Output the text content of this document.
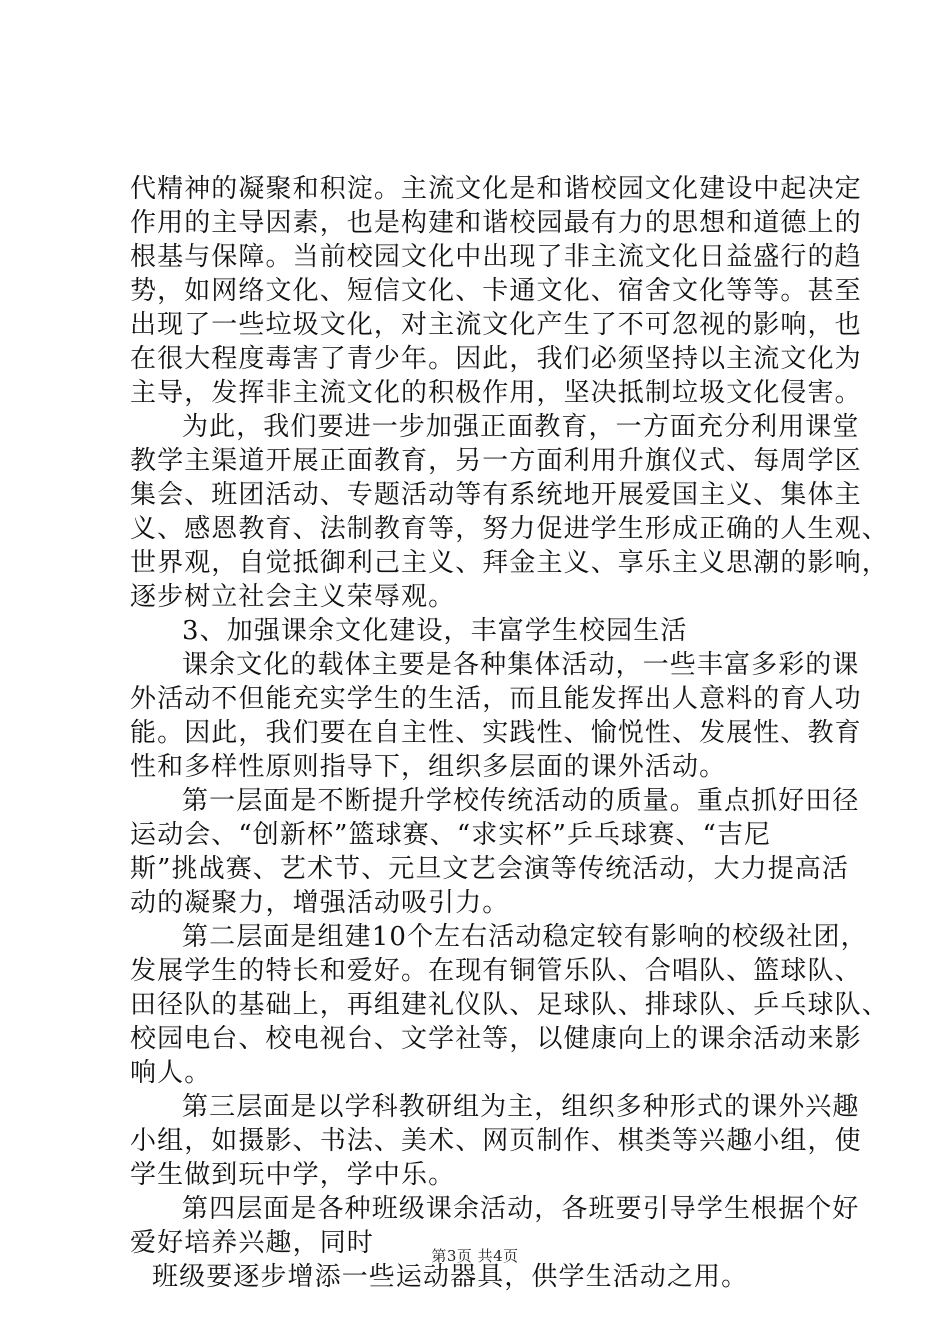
代精神的凝聚和积淀。主流文化是和谐校园文化建设中起决定
作用的主导因素，也是构建和谐校园最有力的思想和道德上的
根基与保障。当前校园文化中出现了非主流文化日益盛行的趋
势，如网络文化、短信文化、卡通文化、宿舍文化等等。甚至
出现了一些垃圾文化，对主流文化产生了不可忽视的影响，也
在很大程度毒害了青少年。因此，我们必须坚持以主流文化为
主导，发挥非主流文化的积极作用，坚决抵制垃圾文化侵害。
为此，我们要进一步加强正面教育，一方面充分利用课堂
教学主渠道开展正面教育，另一方面利用升旗仪式、每周学区
集会、班团活动、专题活动等有系统地开展爱国主义、集体主
义、感恩教育、法制教育等，努力促进学生形成正确的人生观、
世界观，自觉抵御利己主义、拜金主义、享乐主义思潮的影响，
逐步树立社会主义荣辱观。
3、加强课余文化建设，丰富学生校园生活
课余文化的载体主要是各种集体活动，一些丰富多彩的课
外活动不但能充实学生的生活，而且能发挥出人意料的育人功
能。因此，我们要在自主性、实践性、愉悦性、发展性、教育
性和多样性原则指导下，组织多层面的课外活动。
第一层面是不断提升学校传统活动的质量。重点抓好田径
运动会、“创新杯”篮球赛、“求实杯”乒乓球赛、“吉尼
斯”挑战赛、艺术节、元旦文艺会演等传统活动，大力提高活
动的凝聚力，增强活动吸引力。
第二层面是组建10个左右活动稳定较有影响的校级社团，
发展学生的特长和爱好。在现有铜管乐队、合唱队、篮球队、
田径队的基础上，再组建礼仪队、足球队、排球队、乒乓球队、
校园电台、校电视台、文学社等，以健康向上的课余活动来影
响人。
第三层面是以学科教研组为主，组织多种形式的课外兴趣
小组，如摄影、书法、美术、网页制作、棋类等兴趣小组，使
学生做到玩中学，学中乐。
第四层面是各种班级课余活动，各班要引导学生根据个好
爱好培养兴趣，同时
班级要逐步增添一些运动器具，供学生活动之用。
第3页 共4页
